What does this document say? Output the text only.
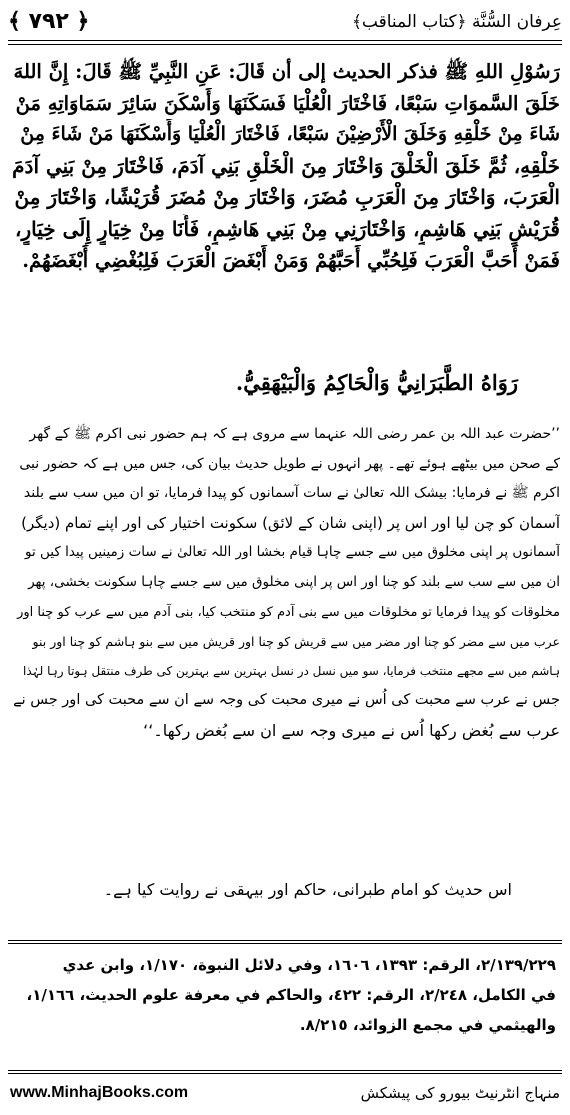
﴾ ٧٩٢ ﴿	عِرفان السُّنَّة ﴿كتاب المناقب﴾
رَسُوْلِ اللهِ ﷺ فذكر الحديث إلى أن قَالَ: عَنِ النَّبِيِّ ﷺ قَالَ: إِنَّ اللهَ
خَلَقَ السَّموَاتِ سَبْعًا، فَاخْتَارَ الْعُلْيَا فَسَكَنَهَا وَأَسْكَنَ سَائِرَ سَمَاوَاتِهِ مَنْ
شَاءَ مِنْ خَلْقِهِ وَخَلَقَ الْأَرْضِيْنَ سَبْعًا، فَاخْتَارَ الْعُلْيَا وَأَسْكَنَهَا مَنْ شَاءَ مِنْ
خَلْقِهِ، ثُمَّ خَلَقَ الْخَلْقَ وَاخْتَارَ مِنَ الْخَلْقِ بَنِي آدَمَ، فَاخْتَارَ مِنْ بَنِي آدَمَ
الْعَرَبَ، وَاخْتَارَ مِنَ الْعَرَبِ مُضَرَ، وَاخْتَارَ مِنْ مُضَرَ قُرَيْشًا، وَاخْتَارَ مِنْ
قُرَيْشٍ بَنِي هَاشِمٍ، وَاخْتَارَنِي مِنْ بَنِي هَاشِمٍ، فَأَنَا مِنْ خِيَارٍ إِلَى خِيَارٍ،
فَمَنْ أَحَبَّ الْعَرَبَ فَلِحُبِّي أَحَبَّهُمْ وَمَنْ أَبْغَضَ الْعَرَبَ فَلِبُغْضِي أَبْغَضَهُمْ.
رَوَاهُ الطَّبَرَانِيُّ وَالْحَاكِمُ وَالْبَيْهَقِيُّ.
’’حضرت عبد اللہ بن عمر رضی اللہ عنہما سے مروی ہے کہ ہم حضور نبی اکرم ﷺ کے گھر
کے صحن میں بیٹھے ہوئے تھے۔ پھر انہوں نے طویل حدیث بیان کی، جس میں ہے کہ حضور نبی
اکرم ﷺ نے فرمایا: بیشک اللہ تعالیٰ نے سات آسمانوں کو پیدا فرمایا، تو ان میں سب سے بلند
آسمان کو چن لیا اور اس پر (اپنی شان کے لائق) سکونت اختیار کی اور اپنے تمام (دیگر)
آسمانوں پر اپنی مخلوق میں سے جسے چاہا قیام بخشا اور اللہ تعالیٰ نے سات زمینیں پیدا کیں تو
ان میں سے سب سے بلند کو چنا اور اس پر اپنی مخلوق میں سے جسے چاہا سکونت بخشی، پھر
مخلوقات کو پیدا فرمایا تو مخلوقات میں سے بنی آدم کو منتخب کیا، بنی آدم میں سے عرب کو چنا اور
عرب میں سے مضر کو چنا اور مضر میں سے قریش کو چنا اور قریش میں سے بنو ہاشم کو چنا اور بنو
ہاشم میں سے مجھے منتخب فرمایا، سو میں نسل در نسل بہترین سے بہترین کی طرف منتقل ہوتا رہا لہٰذا
جس نے عرب سے محبت کی اُس نے میری محبت کی وجہ سے ان سے محبت کی اور جس نے
عرب سے بُغض رکھا اُس نے میری وجہ سے ان سے بُغض رکھا۔‘‘
اس حدیث کو امام طبرانی، حاکم اور بیہقی نے روایت کیا ہے۔
٢/١٣٩/٢٢٩، الرقم: ١٣٩٣، ١٦٠٦، وفي دلائل النبوة، ١/١٧٠، وابن عدي
في الكامل، ٢/٢٤٨، الرقم: ٤٢٢، والحاكم في معرفة علوم الحديث، ١/١٦٦،
والهيثمي في مجمع الزوائد، ٨/٢١٥.
www.MinhajBooks.com	منہاج انٹرنیٹ بیورو کی پیشکش
